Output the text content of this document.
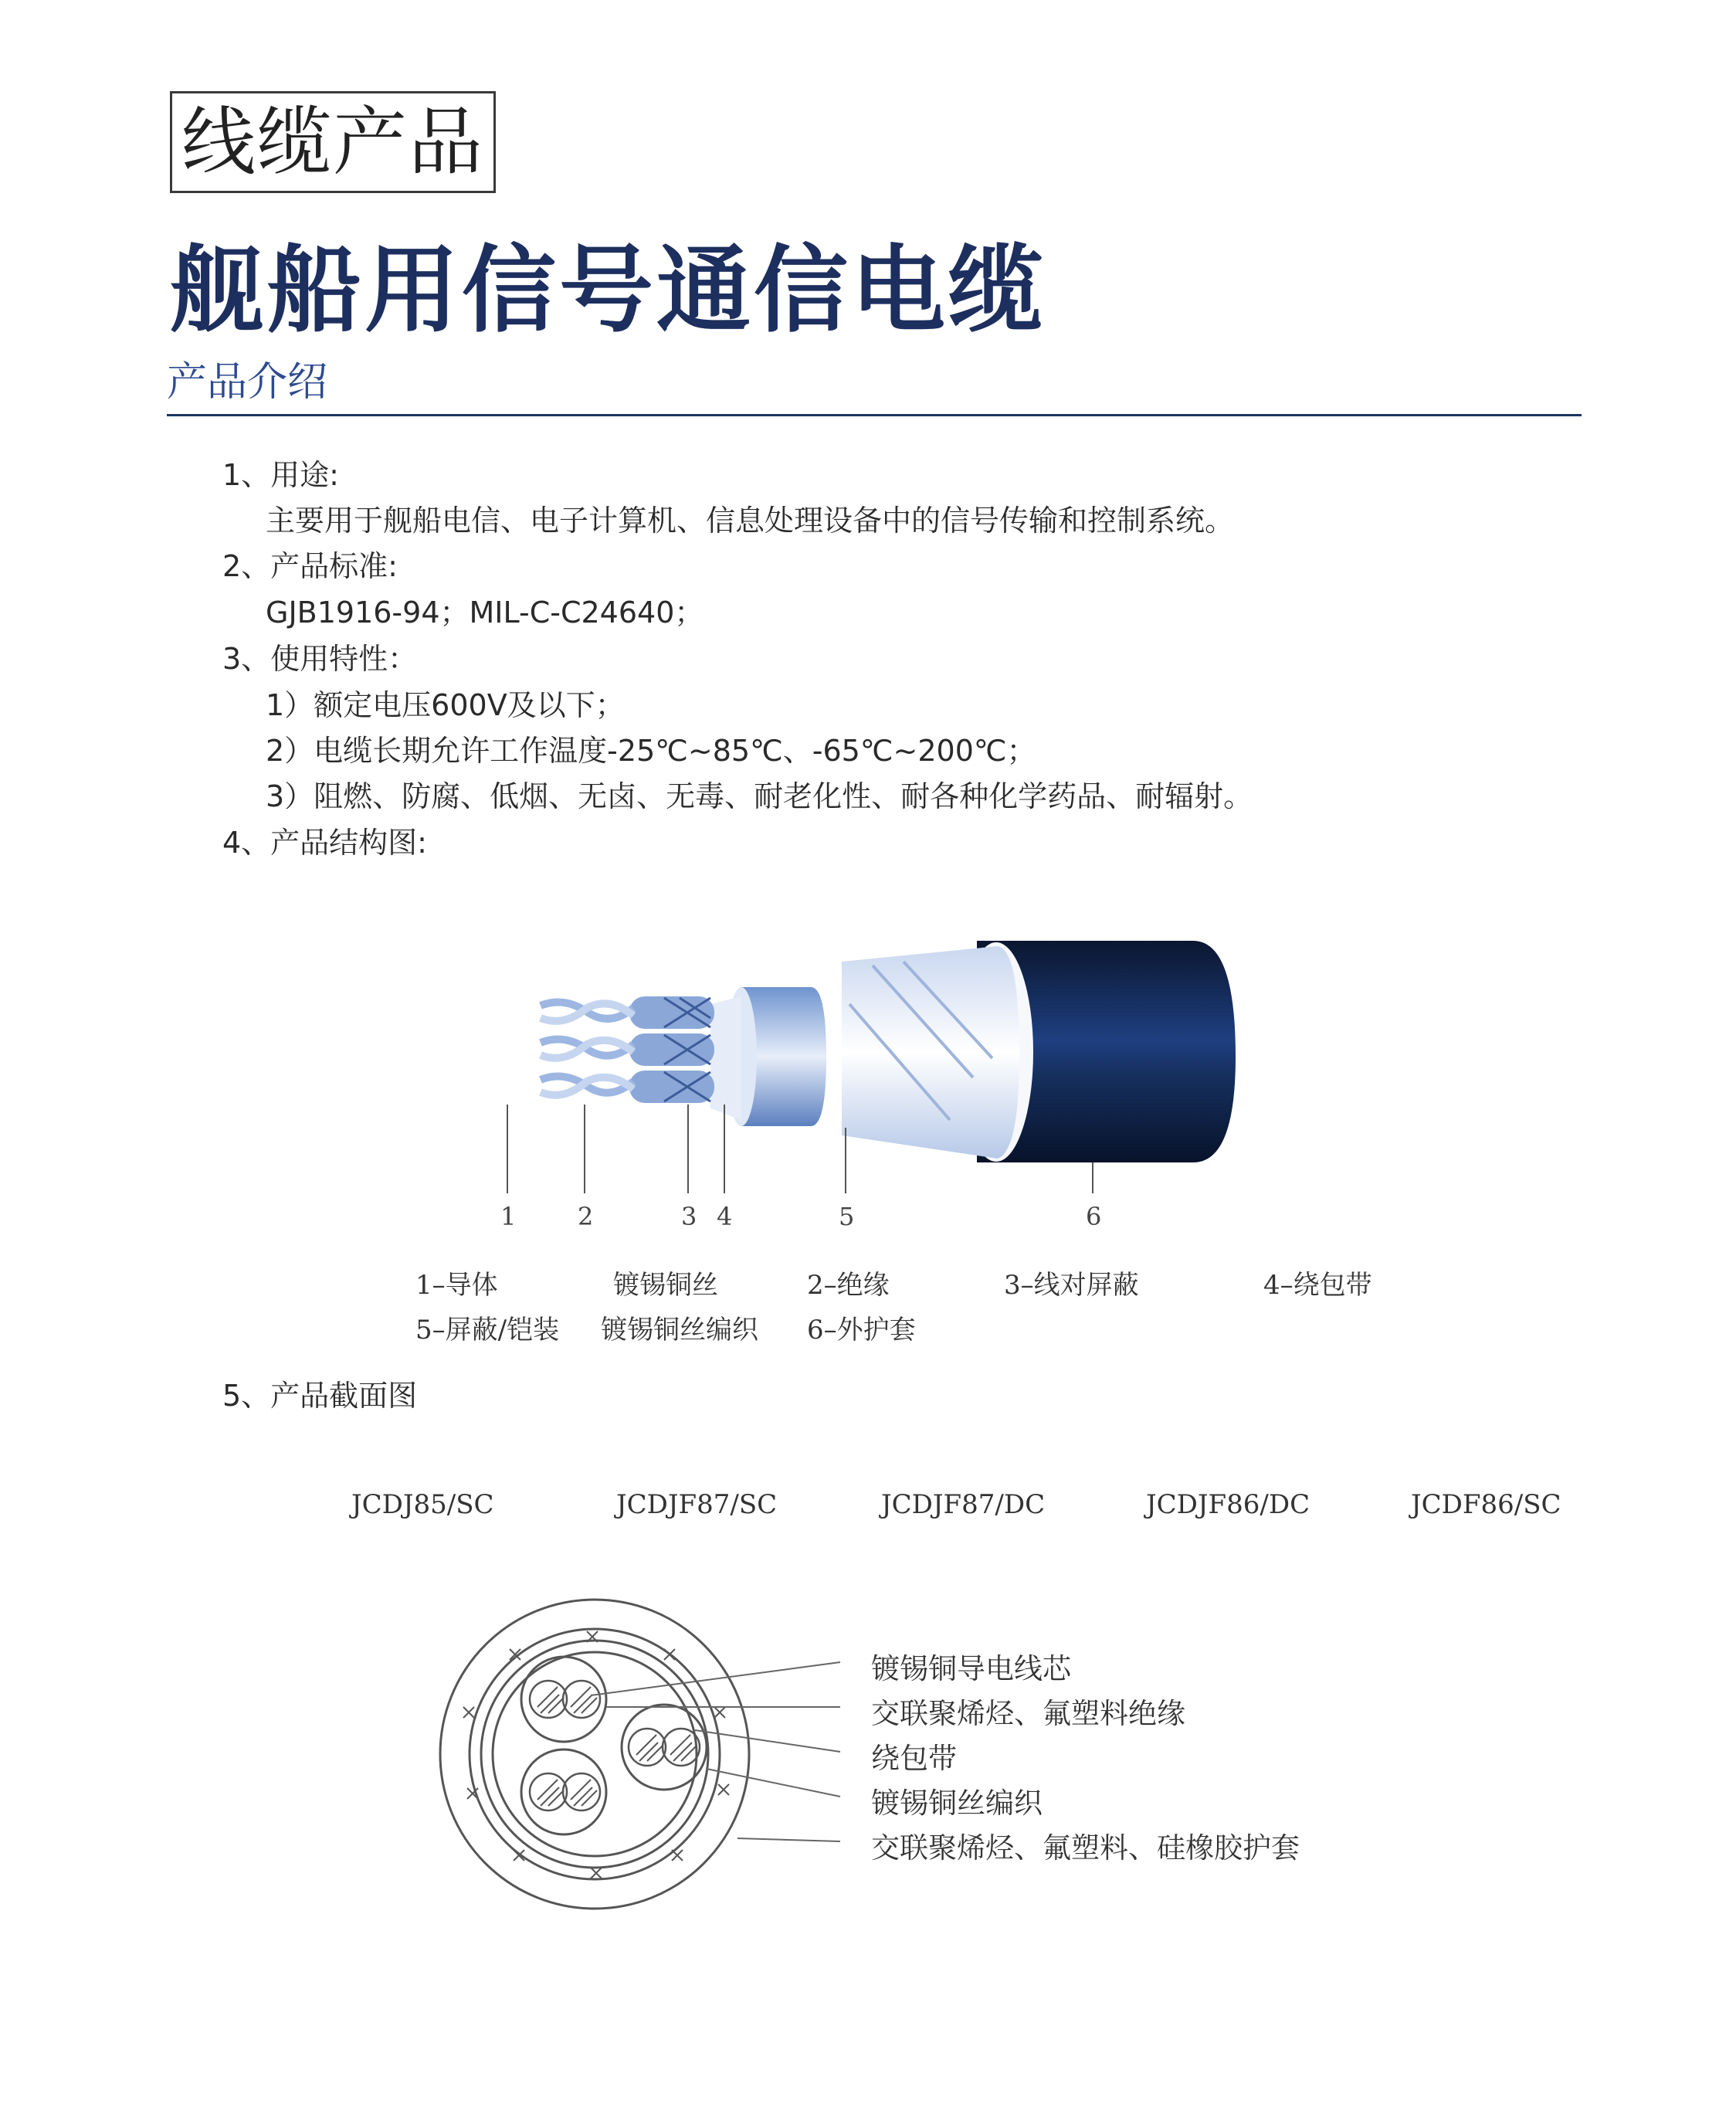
线缆产品
舰船用信号通信电缆
产品介绍
1、用途:
主要用于舰船电信、电子计算机、信息处理设备中的信号传输和控制系统。
2、产品标准:
GJB1916-94；MIL-C-C24640；
3、使用特性：
1）额定电压600V及以下；
2）电缆长期允许工作温度-25℃~85℃、-65℃~200℃；
3）阻燃、防腐、低烟、无卤、无毒、耐老化性、耐各种化学药品、耐辐射。
4、产品结构图:
1 2	3 4	5	6
1–导体	镀锡铜丝	2–绝缘	3–线对屏蔽	4–绕包带
5–屏蔽/铠装 镀锡铜丝编织 6–外护套
5、产品截面图
JCDJ85/SC	JCDJF87/SC	JCDJF87/DC	JCDJF86/DC	JCDF86/SC
镀锡铜导电线芯
交联聚烯烃、氟塑料绝缘
绕包带
镀锡铜丝编织
交联聚烯烃、氟塑料、硅橡胶护套
